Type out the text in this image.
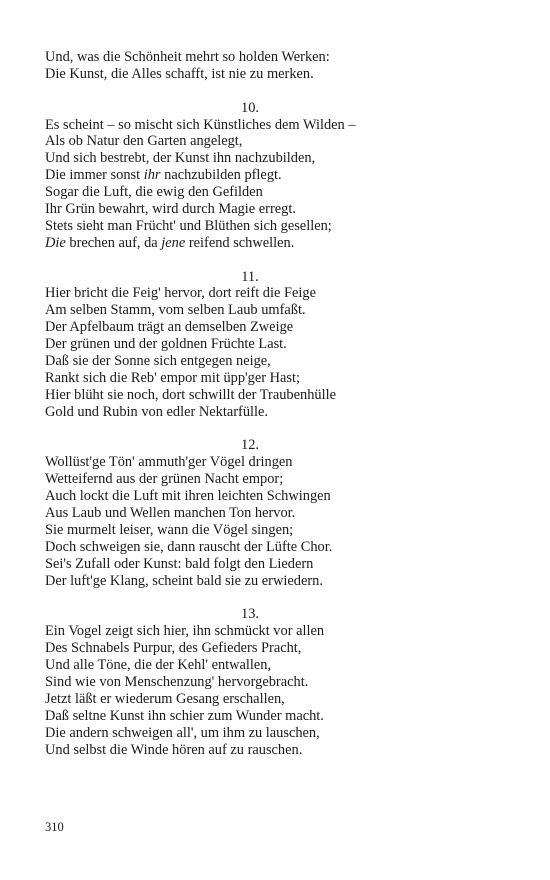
Und, was die Schönheit mehrt so holden Werken:
Die Kunst, die Alles schafft, ist nie zu merken.
10.
Es scheint – so mischt sich Künstliches dem Wilden –
Als ob Natur den Garten angelegt,
Und sich bestrebt, der Kunst ihn nachzubilden,
Die immer sonst ihr nachzubilden pflegt.
Sogar die Luft, die ewig den Gefilden
Ihr Grün bewahrt, wird durch Magie erregt.
Stets sieht man Frücht' und Blüthen sich gesellen;
Die brechen auf, da jene reifend schwellen.
11.
Hier bricht die Feig' hervor, dort reift die Feige
Am selben Stamm, vom selben Laub umfaßt.
Der Apfelbaum trägt an demselben Zweige
Der grünen und der goldnen Früchte Last.
Daß sie der Sonne sich entgegen neige,
Rankt sich die Reb' empor mit üpp'ger Hast;
Hier blüht sie noch, dort schwillt der Traubenhülle
Gold und Rubin von edler Nektarfülle.
12.
Wollüst'ge Tön' ammuth'ger Vögel dringen
Wetteifernd aus der grünen Nacht empor;
Auch lockt die Luft mit ihren leichten Schwingen
Aus Laub und Wellen manchen Ton hervor.
Sie murmelt leiser, wann die Vögel singen;
Doch schweigen sie, dann rauscht der Lüfte Chor.
Sei's Zufall oder Kunst: bald folgt den Liedern
Der luft'ge Klang, scheint bald sie zu erwiedern.
13.
Ein Vogel zeigt sich hier, ihn schmückt vor allen
Des Schnabels Purpur, des Gefieders Pracht,
Und alle Töne, die der Kehl' entwallen,
Sind wie von Menschenzung' hervorgebracht.
Jetzt läßt er wiederum Gesang erschallen,
Daß seltne Kunst ihn schier zum Wunder macht.
Die andern schweigen all', um ihm zu lauschen,
Und selbst die Winde hören auf zu rauschen.
310
